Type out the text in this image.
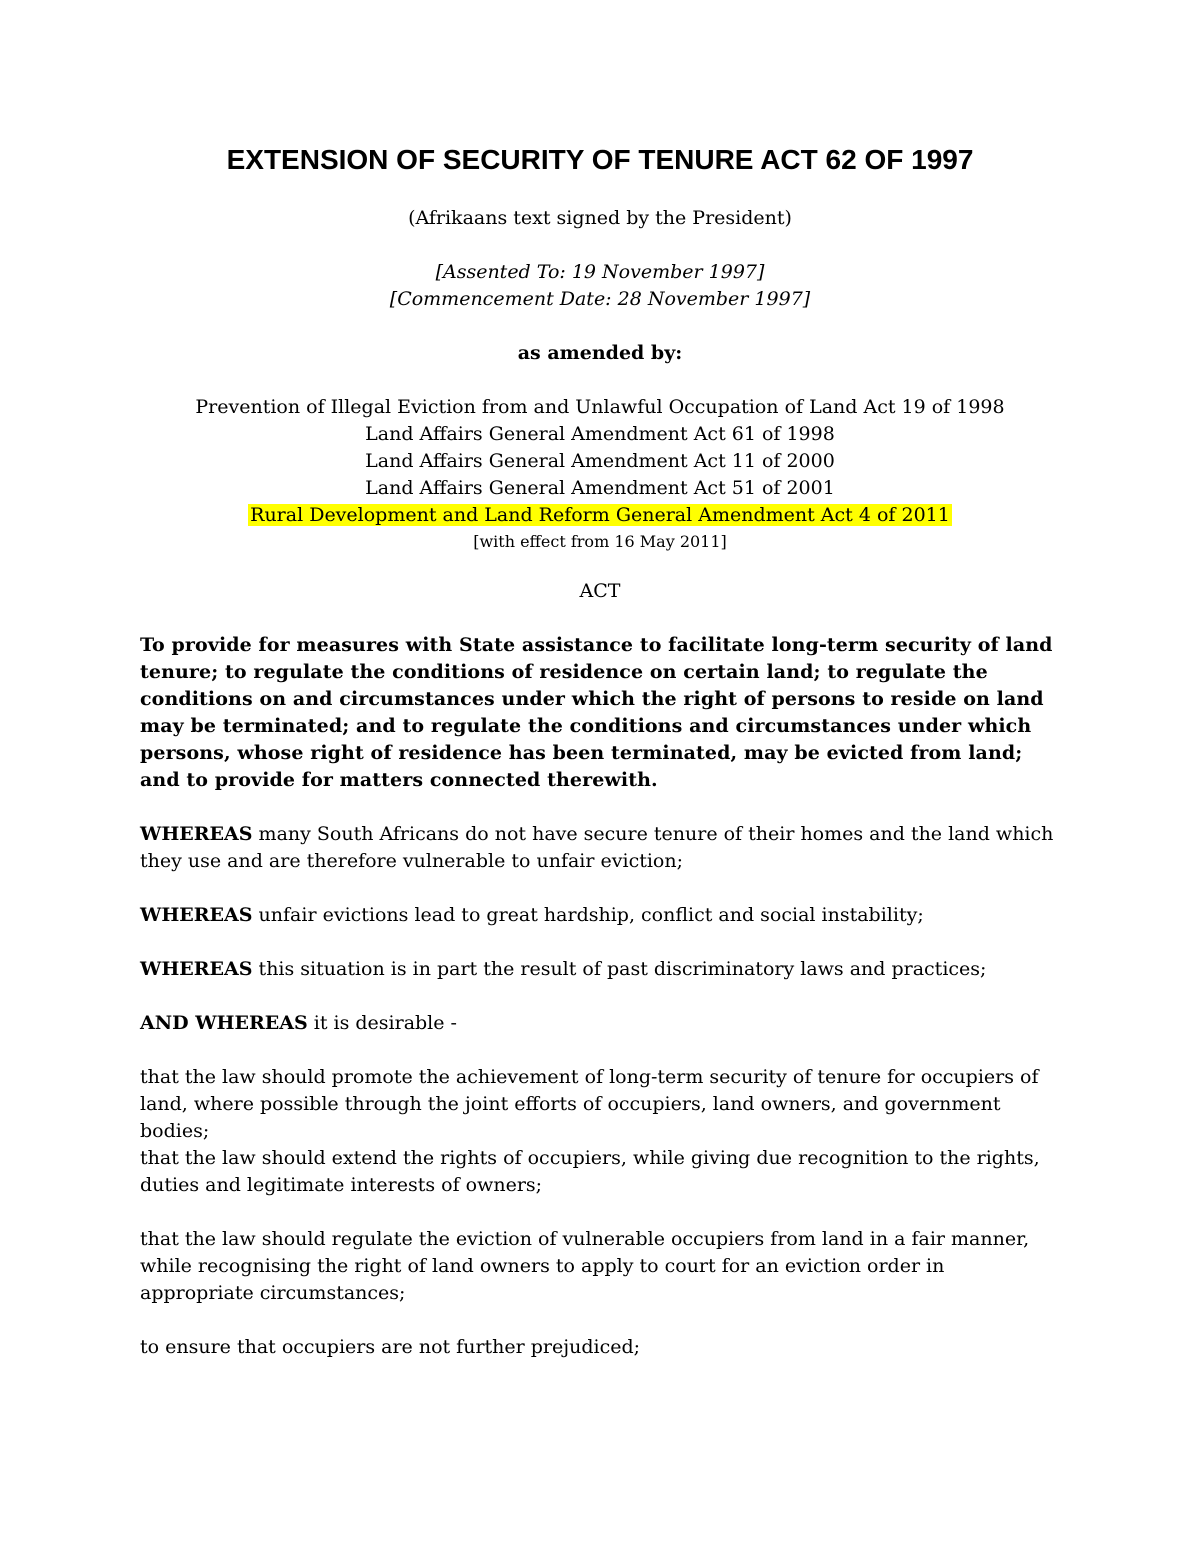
EXTENSION OF SECURITY OF TENURE ACT 62 OF 1997

(Afrikaans text signed by the President)

[Assented To: 19 November 1997]

[Commencement Date: 28 November 1997]

as amended by:

Prevention of Illegal Eviction from and Unlawful Occupation of Land Act 19 of 1998

Land Affairs General Amendment Act 61 of 1998

Land Affairs General Amendment Act 11 of 2000

Land Affairs General Amendment Act 51 of 2001

Rural Development and Land Reform General Amendment Act 4 of 2011

[with effect from 16 May 2011]

ACT

To provide for measures with State assistance to facilitate long-term security of land tenure; to regulate the conditions of residence on certain land; to regulate the conditions on and circumstances under which the right of persons to reside on land may be terminated; and to regulate the conditions and circumstances under which persons, whose right of residence has been terminated, may be evicted from land; and to provide for matters connected therewith.

WHEREAS many South Africans do not have secure tenure of their homes and the land which they use and are therefore vulnerable to unfair eviction;

WHEREAS unfair evictions lead to great hardship, conflict and social instability;

WHEREAS this situation is in part the result of past discriminatory laws and practices;

AND WHEREAS it is desirable -

that the law should promote the achievement of long-term security of tenure for occupiers of land, where possible through the joint efforts of occupiers, land owners, and government bodies;

that the law should extend the rights of occupiers, while giving due recognition to the rights, duties and legitimate interests of owners;

that the law should regulate the eviction of vulnerable occupiers from land in a fair manner, while recognising the right of land owners to apply to court for an eviction order in appropriate circumstances;

to ensure that occupiers are not further prejudiced;
